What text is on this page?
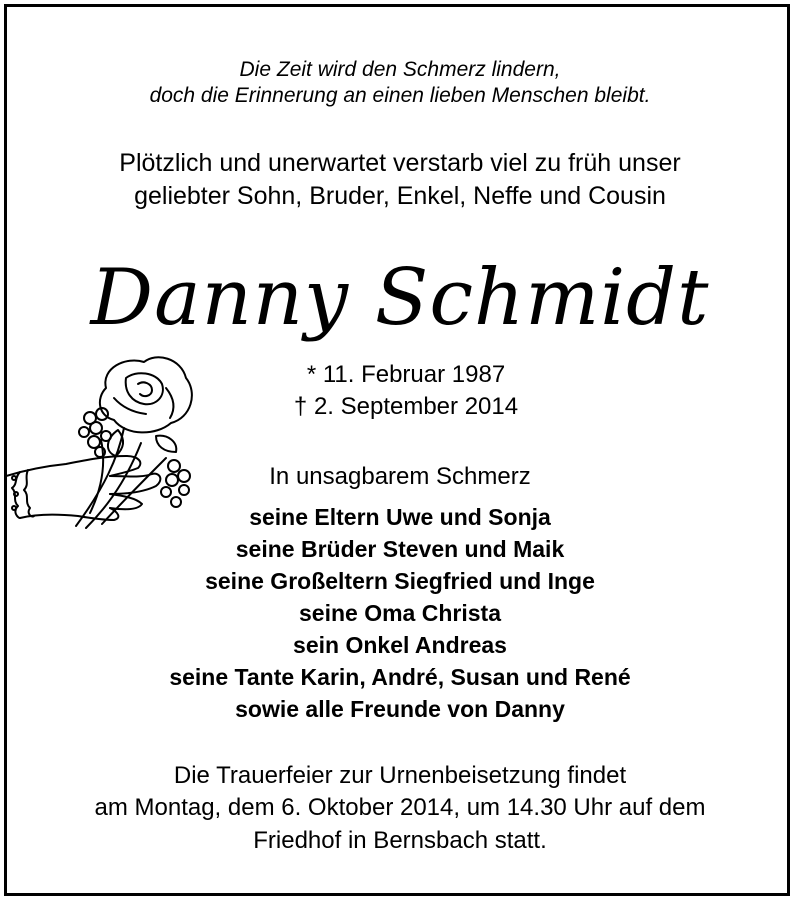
Die Zeit wird den Schmerz lindern,
doch die Erinnerung an einen lieben Menschen bleibt.
Plötzlich und unerwartet verstarb viel zu früh unser
geliebter Sohn, Bruder, Enkel, Neffe und Cousin
Danny Schmidt
* 11. Februar 1987
† 2. September 2014
In unsagbarem Schmerz
seine Eltern Uwe und Sonja
seine Brüder Steven und Maik
seine Großeltern Siegfried und Inge
seine Oma Christa
sein Onkel Andreas
seine Tante Karin, André, Susan und René
sowie alle Freunde von Danny
Die Trauerfeier zur Urnenbeisetzung findet
am Montag, dem 6. Oktober 2014, um 14.30 Uhr auf dem
Friedhof in Bernsbach statt.
